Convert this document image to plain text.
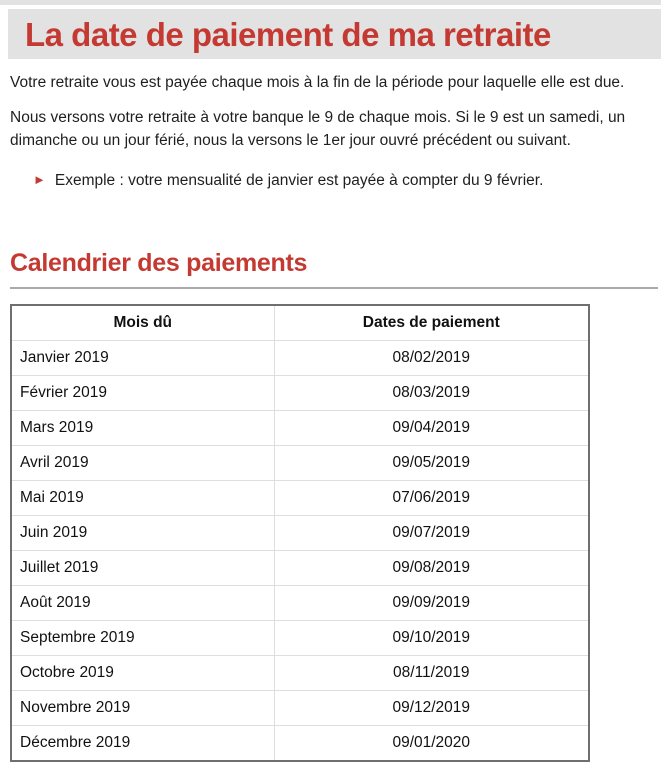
La date de paiement de ma retraite

Votre retraite vous est payée chaque mois à la fin de la période pour laquelle elle est due.

Nous versons votre retraite à votre banque le 9 de chaque mois. Si le 9 est un samedi, un dimanche ou un jour férié, nous la versons le 1er jour ouvré précédent ou suivant.

► Exemple : votre mensualité de janvier est payée à compter du 9 février.

Calendrier des paiements
Mois dû	Dates de paiement
Janvier 2019	08/02/2019
Février 2019	08/03/2019
Mars 2019	09/04/2019
Avril 2019	09/05/2019
Mai 2019	07/06/2019
Juin 2019	09/07/2019
Juillet 2019	09/08/2019
Août 2019	09/09/2019
Septembre 2019	09/10/2019
Octobre 2019	08/11/2019
Novembre 2019	09/12/2019
Décembre 2019	09/01/2020
